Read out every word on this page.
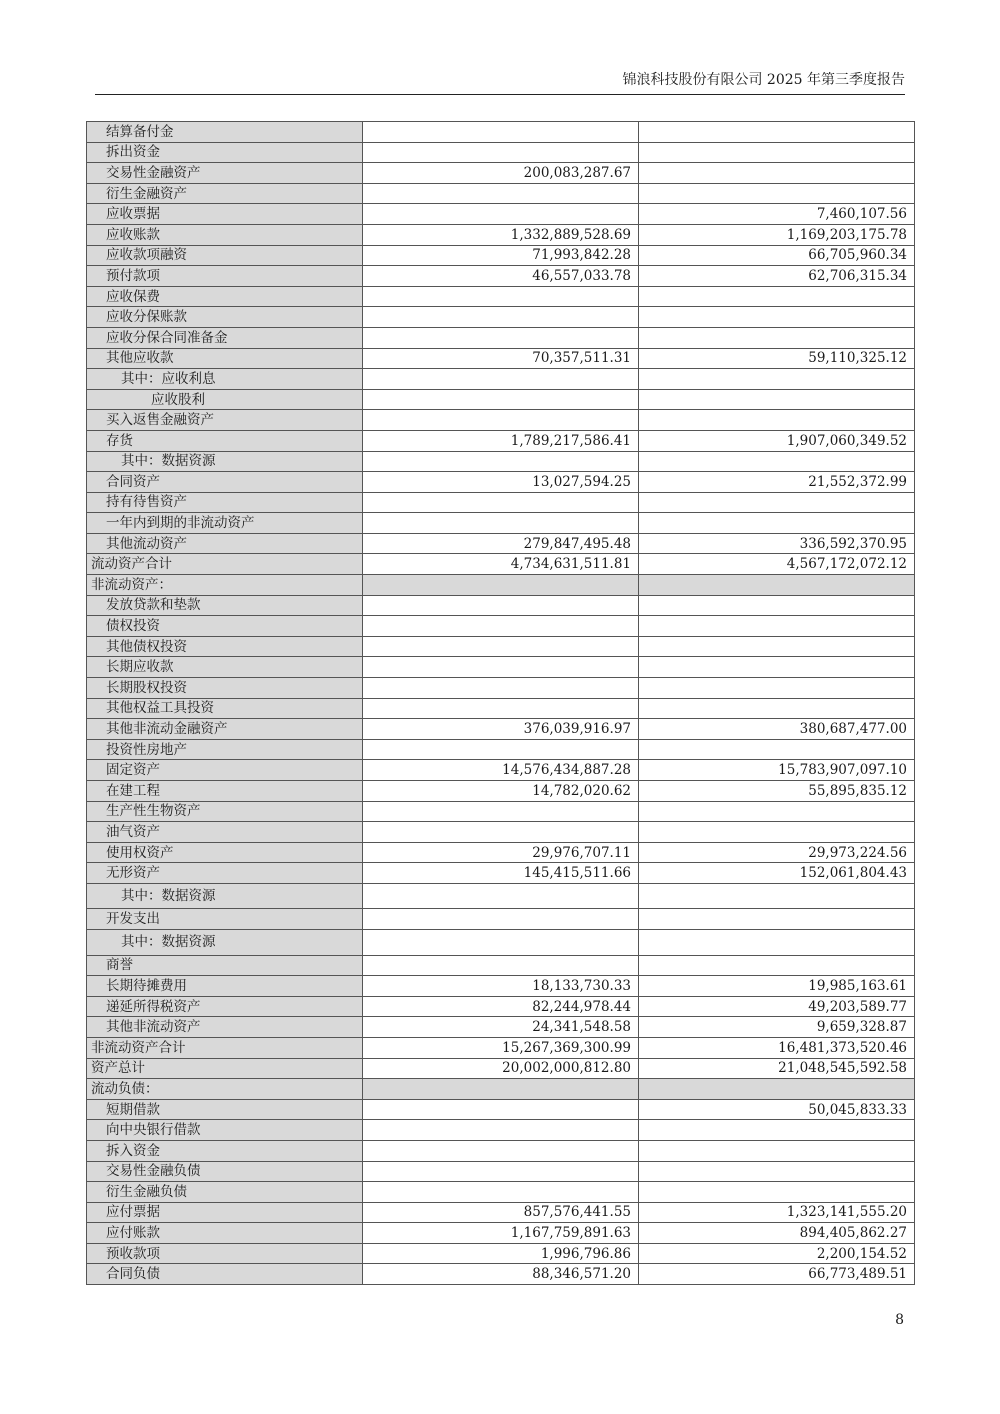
锦浪科技股份有限公司 2025 年第三季度报告
结算备付金		
拆出资金		
交易性金融资产	200,083,287.67	
衍生金融资产		
应收票据		7,460,107.56
应收账款	1,332,889,528.69	1,169,203,175.78
应收款项融资	71,993,842.28	66,705,960.34
预付款项	46,557,033.78	62,706,315.34
应收保费		
应收分保账款		
应收分保合同准备金		
其他应收款	70,357,511.31	59,110,325.12
其中：应收利息		
应收股利		
买入返售金融资产		
存货	1,789,217,586.41	1,907,060,349.52
其中：数据资源		
合同资产	13,027,594.25	21,552,372.99
持有待售资产		
一年内到期的非流动资产		
其他流动资产	279,847,495.48	336,592,370.95
流动资产合计	4,734,631,511.81	4,567,172,072.12
非流动资产：		
发放贷款和垫款		
债权投资		
其他债权投资		
长期应收款		
长期股权投资		
其他权益工具投资		
其他非流动金融资产	376,039,916.97	380,687,477.00
投资性房地产		
固定资产	14,576,434,887.28	15,783,907,097.10
在建工程	14,782,020.62	55,895,835.12
生产性生物资产		
油气资产		
使用权资产	29,976,707.11	29,973,224.56
无形资产	145,415,511.66	152,061,804.43
其中：数据资源		
开发支出		
其中：数据资源		
商誉		
长期待摊费用	18,133,730.33	19,985,163.61
递延所得税资产	82,244,978.44	49,203,589.77
其他非流动资产	24,341,548.58	9,659,328.87
非流动资产合计	15,267,369,300.99	16,481,373,520.46
资产总计	20,002,000,812.80	21,048,545,592.58
流动负债：		
短期借款		50,045,833.33
向中央银行借款		
拆入资金		
交易性金融负债		
衍生金融负债		
应付票据	857,576,441.55	1,323,141,555.20
应付账款	1,167,759,891.63	894,405,862.27
预收款项	1,996,796.86	2,200,154.52
合同负债	88,346,571.20	66,773,489.51
8
